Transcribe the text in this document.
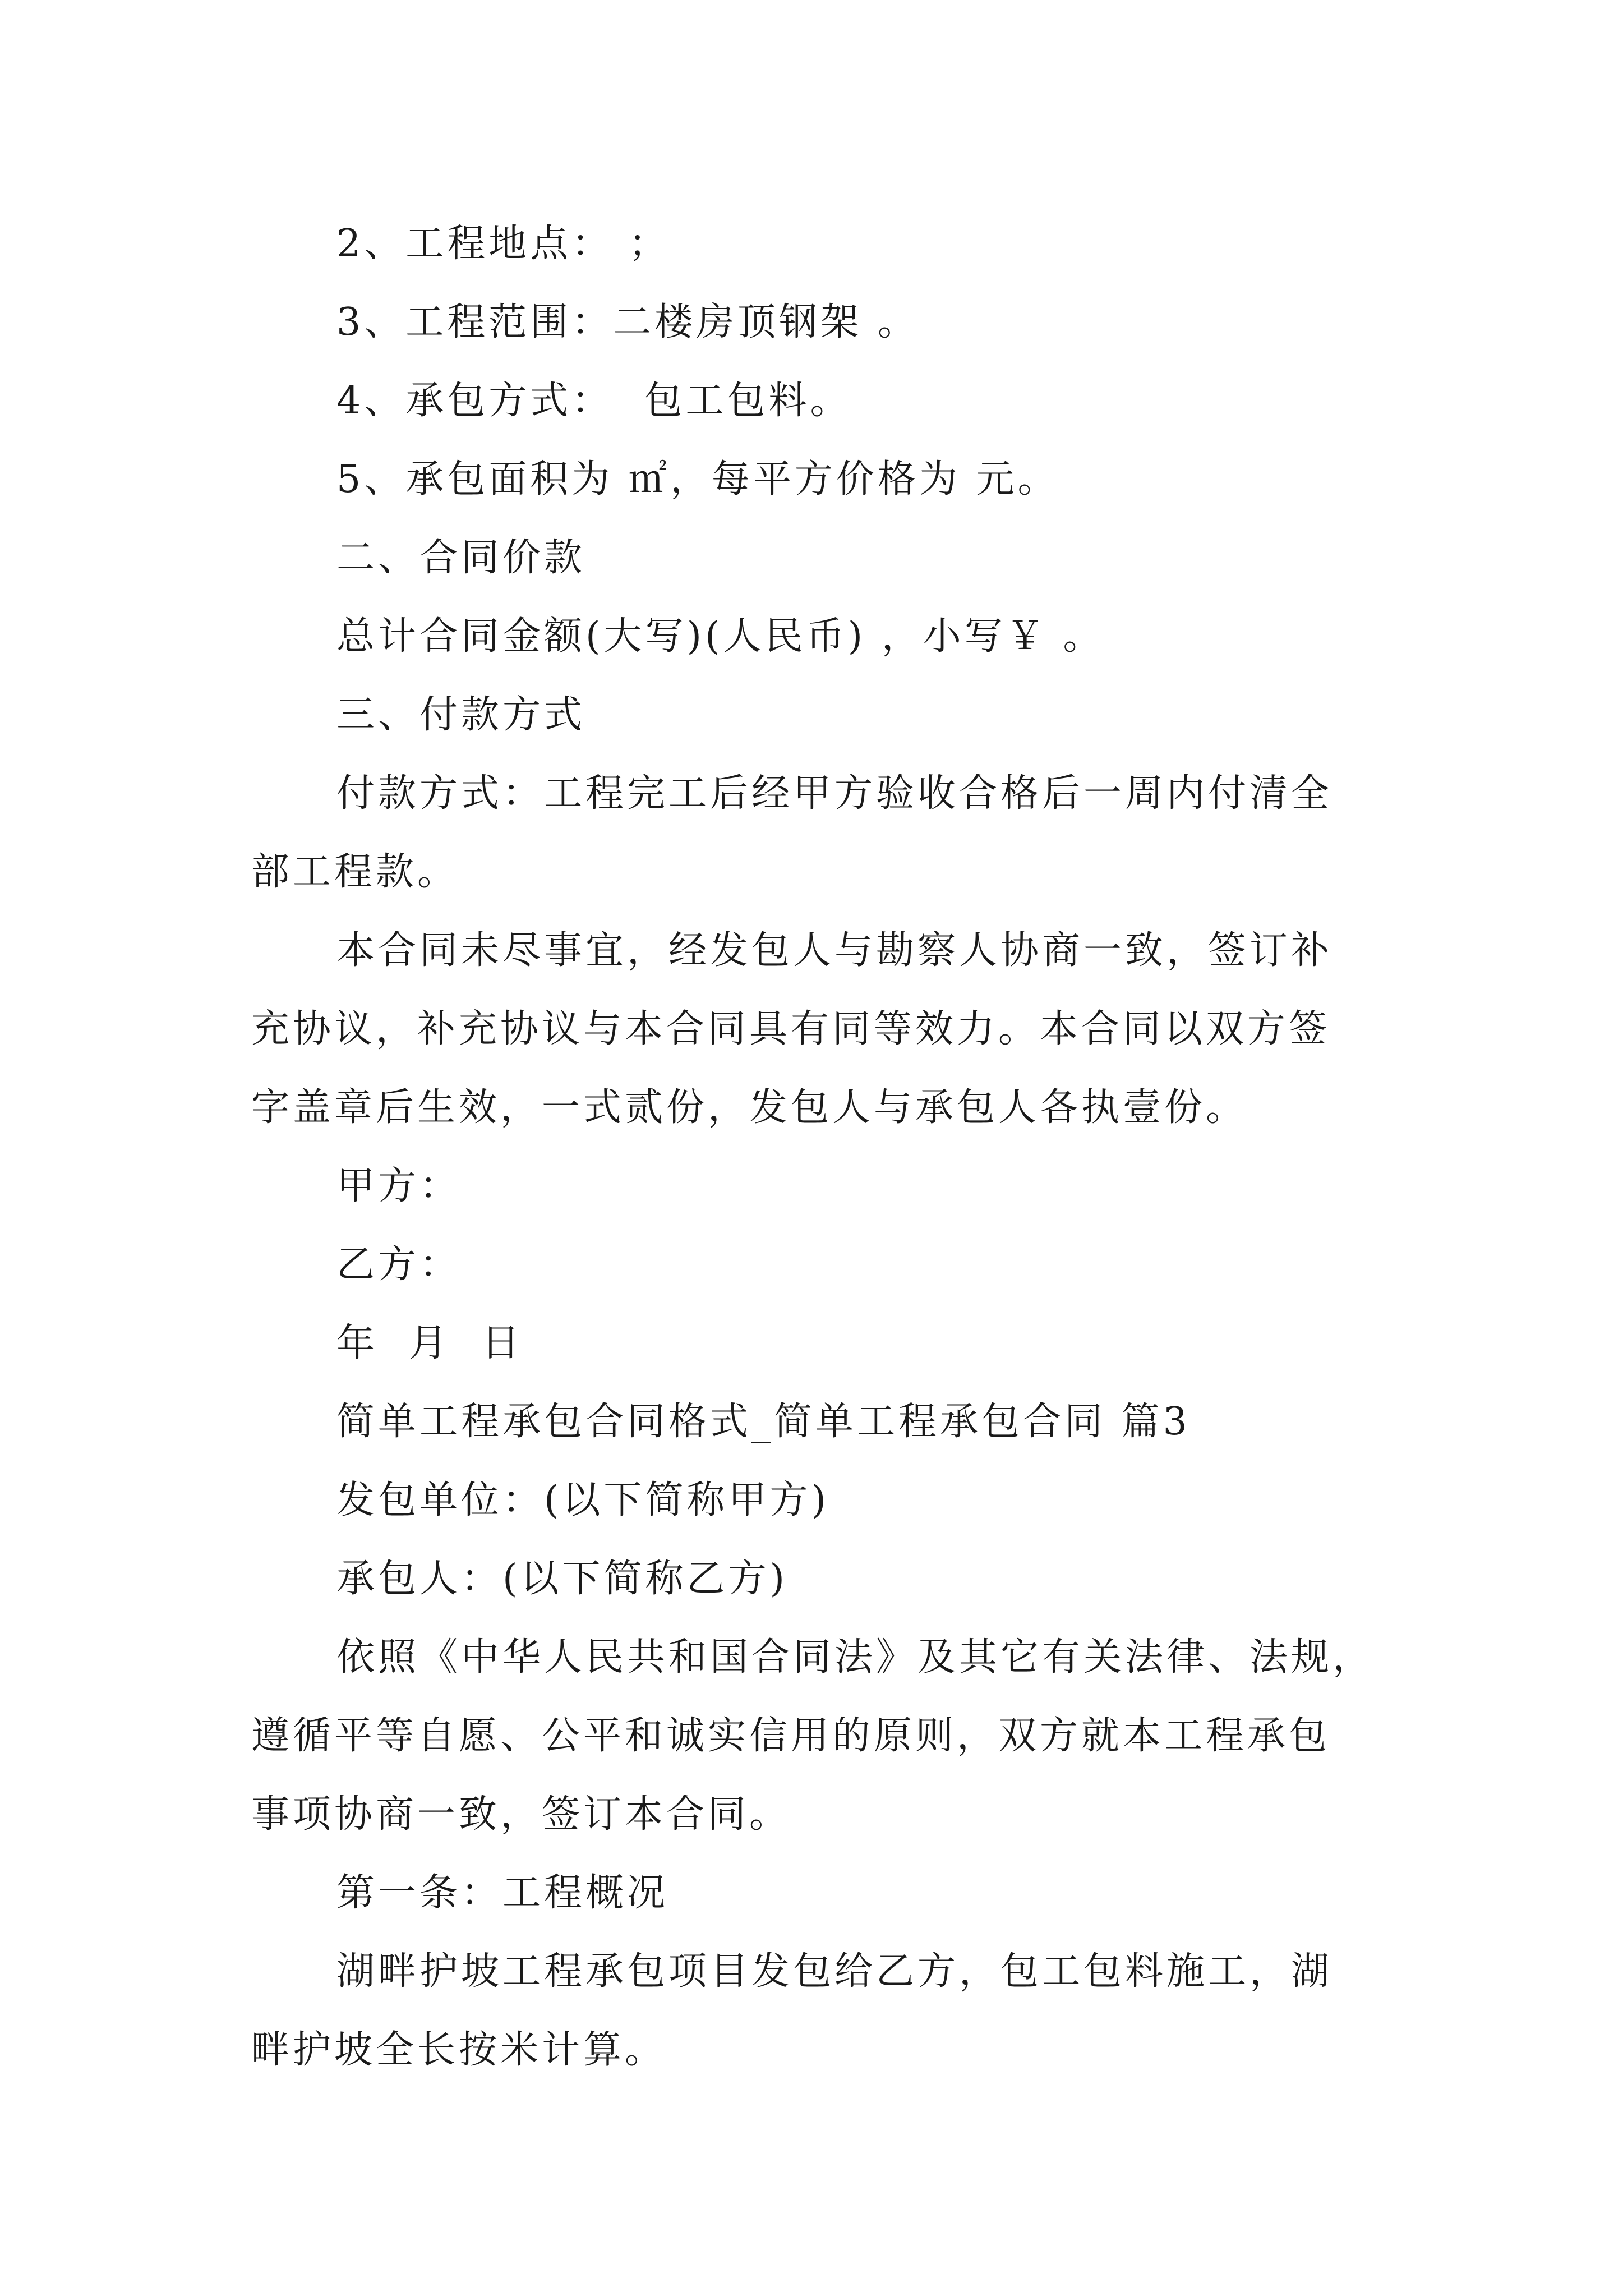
2、工程地点： ；
3、工程范围：二楼房顶钢架 。
4、承包方式：  包工包料。
5、承包面积为 ㎡，每平方价格为 元。
二、合同价款
总计合同金额(大写)(人民币) ，小写￥ 。
三、付款方式
付款方式：工程完工后经甲方验收合格后一周内付清全
部工程款。
本合同未尽事宜，经发包人与勘察人协商一致，签订补
充协议，补充协议与本合同具有同等效力。本合同以双方签
字盖章后生效，一式贰份，发包人与承包人各执壹份。
甲方：
乙方：
年  月  日
简单工程承包合同格式_简单工程承包合同 篇3
发包单位：(以下简称甲方)
承包人：(以下简称乙方)
依照《中华人民共和国合同法》及其它有关法律、法规，
遵循平等自愿、公平和诚实信用的原则，双方就本工程承包
事项协商一致，签订本合同。
第一条：工程概况
湖畔护坡工程承包项目发包给乙方，包工包料施工，湖
畔护坡全长按米计算。
